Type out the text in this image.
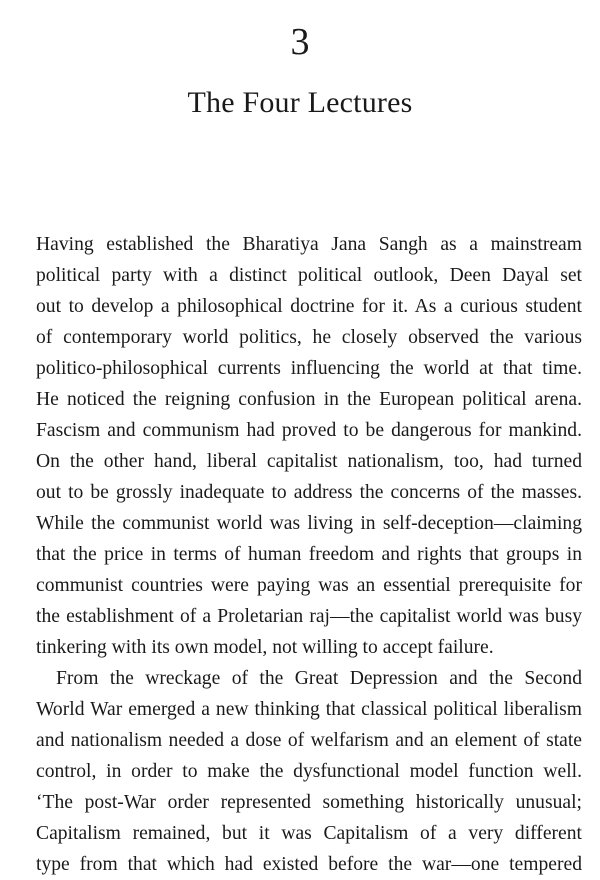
3
The Four Lectures
Having established the Bharatiya Jana Sangh as a mainstream
political party with a distinct political outlook, Deen Dayal set
out to develop a philosophical doctrine for it. As a curious student
of contemporary world politics, he closely observed the various
politico-philosophical currents influencing the world at that time.
He noticed the reigning confusion in the European political arena.
Fascism and communism had proved to be dangerous for mankind.
On the other hand, liberal capitalist nationalism, too, had turned
out to be grossly inadequate to address the concerns of the masses.
While the communist world was living in self-deception—claiming
that the price in terms of human freedom and rights that groups in
communist countries were paying was an essential prerequisite for
the establishment of a Proletarian raj—the capitalist world was busy
tinkering with its own model, not willing to accept failure.
From the wreckage of the Great Depression and the Second
World War emerged a new thinking that classical political liberalism
and nationalism needed a dose of welfarism and an element of state
control, in order to make the dysfunctional model function well.
‘The post-War order represented something historically unusual;
Capitalism remained, but it was Capitalism of a very different
type from that which had existed before the war—one tempered
